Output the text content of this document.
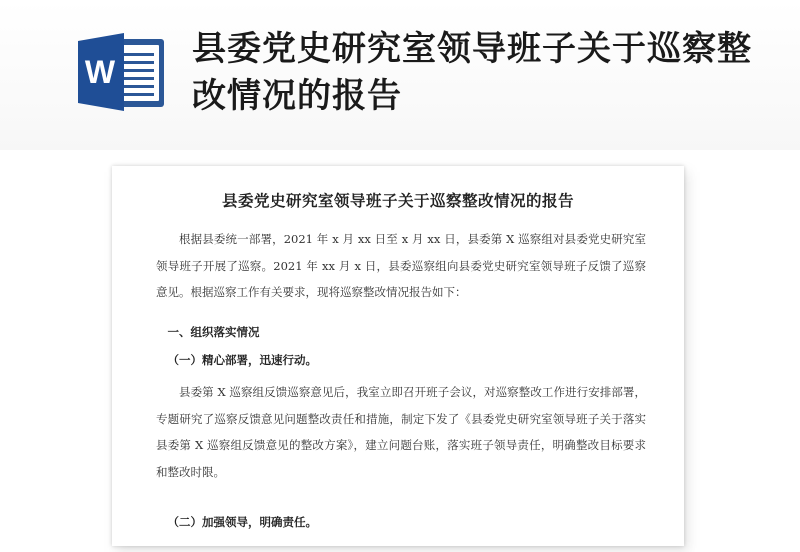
W
县委党史研究室领导班子关于巡察整改情况的报告
县委党史研究室领导班子关于巡察整改情况的报告
根据县委统一部署，2021 年 x 月 xx 日至 x 月 xx 日，县委第 X 巡察组对县委党史研究室领导班子开展了巡察。2021 年 xx 月 x 日，县委巡察组向县委党史研究室领导班子反馈了巡察意见。根据巡察工作有关要求，现将巡察整改情况报告如下：
一、组织落实情况
（一）精心部署，迅速行动。
县委第 X 巡察组反馈巡察意见后，我室立即召开班子会议，对巡察整改工作进行安排部署，专题研究了巡察反馈意见问题整改责任和措施，制定下发了《县委党史研究室领导班子关于落实县委第 X 巡察组反馈意见的整改方案》，建立问题台账，落实班子领导责任，明确整改目标要求和整改时限。
（二）加强领导，明确责任。
